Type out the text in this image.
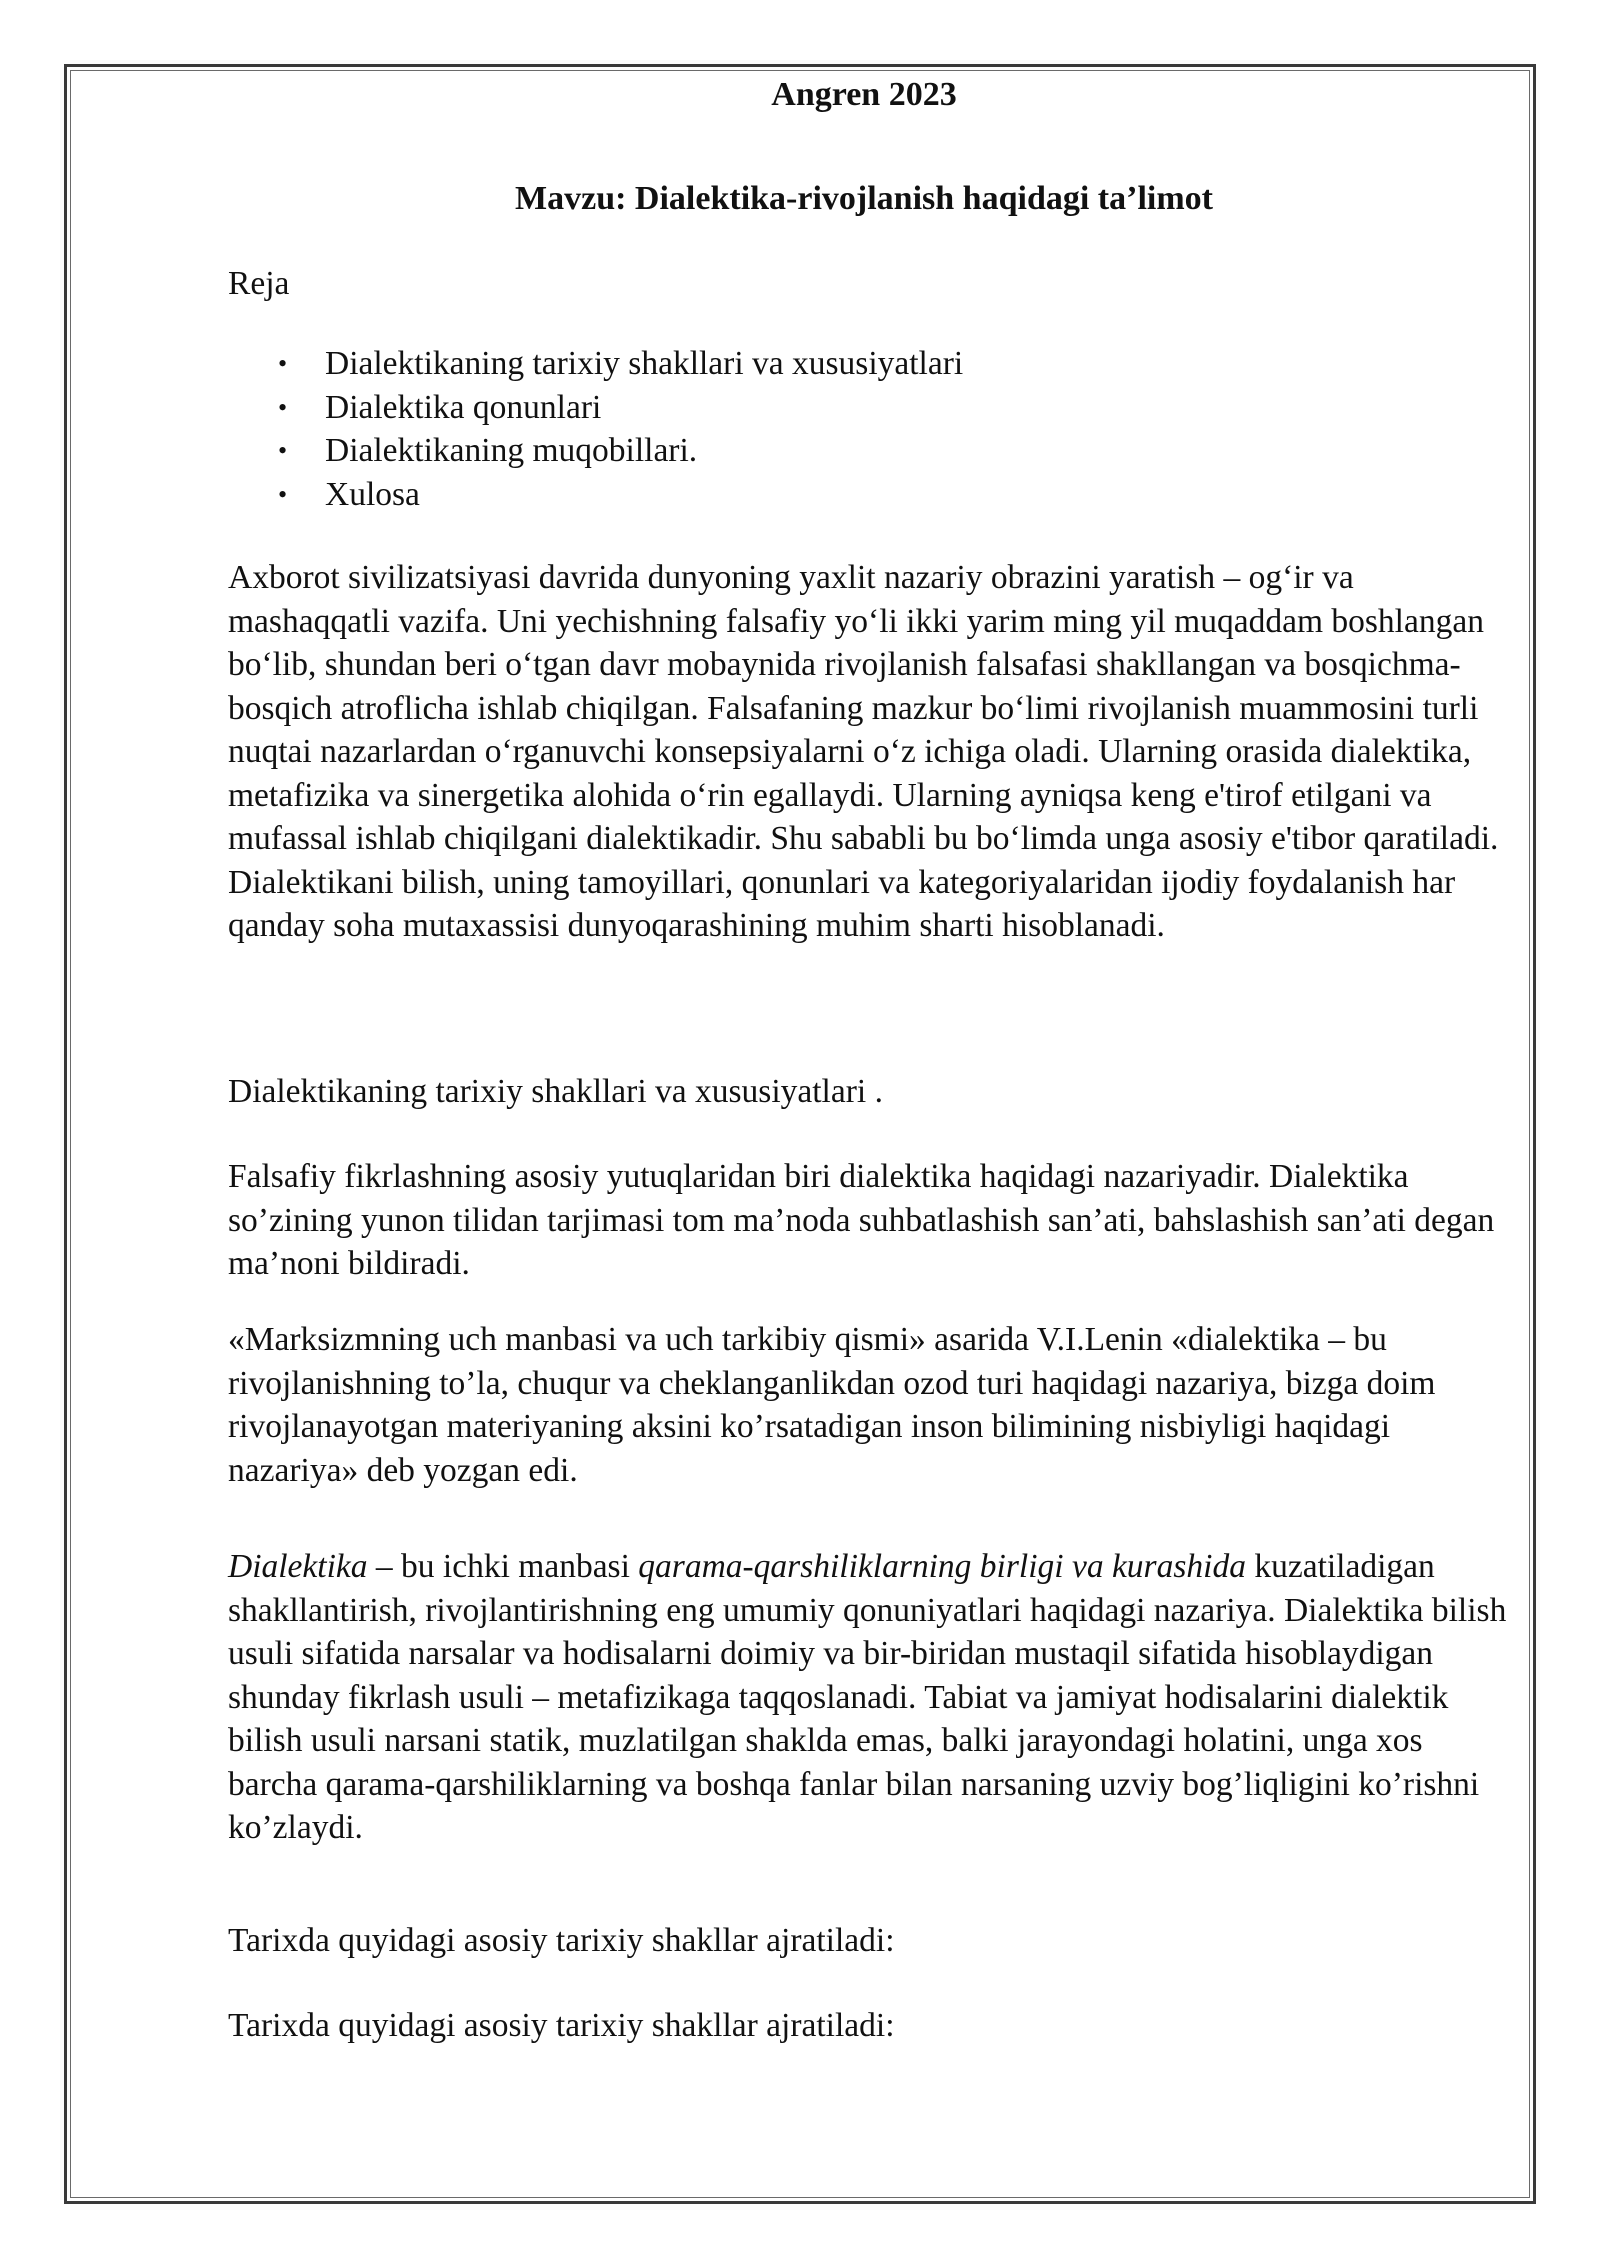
Angren 2023

Mavzu: Dialektika-rivojlanish haqidagi ta’limot

Reja

• Dialektikaning tarixiy shakllari va xususiyatlari
• Dialektika qonunlari
• Dialektikaning muqobillari.
• Xulosa

Axborot sivilizatsiyasi davrida dunyoning yaxlit nazariy obrazini yaratish – og‘ir va mashaqqatli vazifa. Uni yechishning falsafiy yo‘li ikki yarim ming yil muqaddam boshlangan bo‘lib, shundan beri o‘tgan davr mobaynida rivojlanish falsafasi shakllangan va bosqichma-bosqich atroflicha ishlab chiqilgan. Falsafaning mazkur bo‘limi rivojlanish muammosini turli nuqtai nazarlardan o‘rganuvchi konsepsiyalarni o‘z ichiga oladi. Ularning orasida dialektika, metafizika va sinergetika alohida o‘rin egallaydi. Ularning ayniqsa keng e'tirof etilgani va mufassal ishlab chiqilgani dialektikadir. Shu sababli bu bo‘limda unga asosiy e'tibor qaratiladi. Dialektikani bilish, uning tamoyillari, qonunlari va kategoriyalaridan ijodiy foydalanish har qanday soha mutaxassisi dunyoqarashining muhim sharti hisoblanadi.

Dialektikaning tarixiy shakllari va xususiyatlari .

Falsafiy fikrlashning asosiy yutuqlaridan biri dialektika haqidagi nazariyadir. Dialektika so’zining yunon tilidan tarjimasi tom ma’noda suhbatlashish san’ati, bahslashish san’ati degan ma’noni bildiradi.

«Marksizmning uch manbasi va uch tarkibiy qismi» asarida V.I.Lenin «dialektika – bu rivojlanishning to’la, chuqur va cheklanganlikdan ozod turi haqidagi nazariya, bizga doim rivojlanayotgan materiyaning aksini ko’rsatadigan inson bilimining nisbiyligi haqidagi nazariya» deb yozgan edi.

Dialektika – bu ichki manbasi qarama-qarshiliklarning birligi va kurashida kuzatiladigan shakllantirish, rivojlantirishning eng umumiy qonuniyatlari haqidagi nazariya. Dialektika bilish usuli sifatida narsalar va hodisalarni doimiy va bir-biridan mustaqil sifatida hisoblaydigan shunday fikrlash usuli – metafizikaga taqqoslanadi. Tabiat va jamiyat hodisalarini dialektik bilish usuli narsani statik, muzlatilgan shaklda emas, balki jarayondagi holatini, unga xos barcha qarama-qarshiliklarning va boshqa fanlar bilan narsaning uzviy bog’liqligini ko’rishni ko’zlaydi.

Tarixda quyidagi asosiy tarixiy shakllar ajratiladi:

Tarixda quyidagi asosiy tarixiy shakllar ajratiladi:
